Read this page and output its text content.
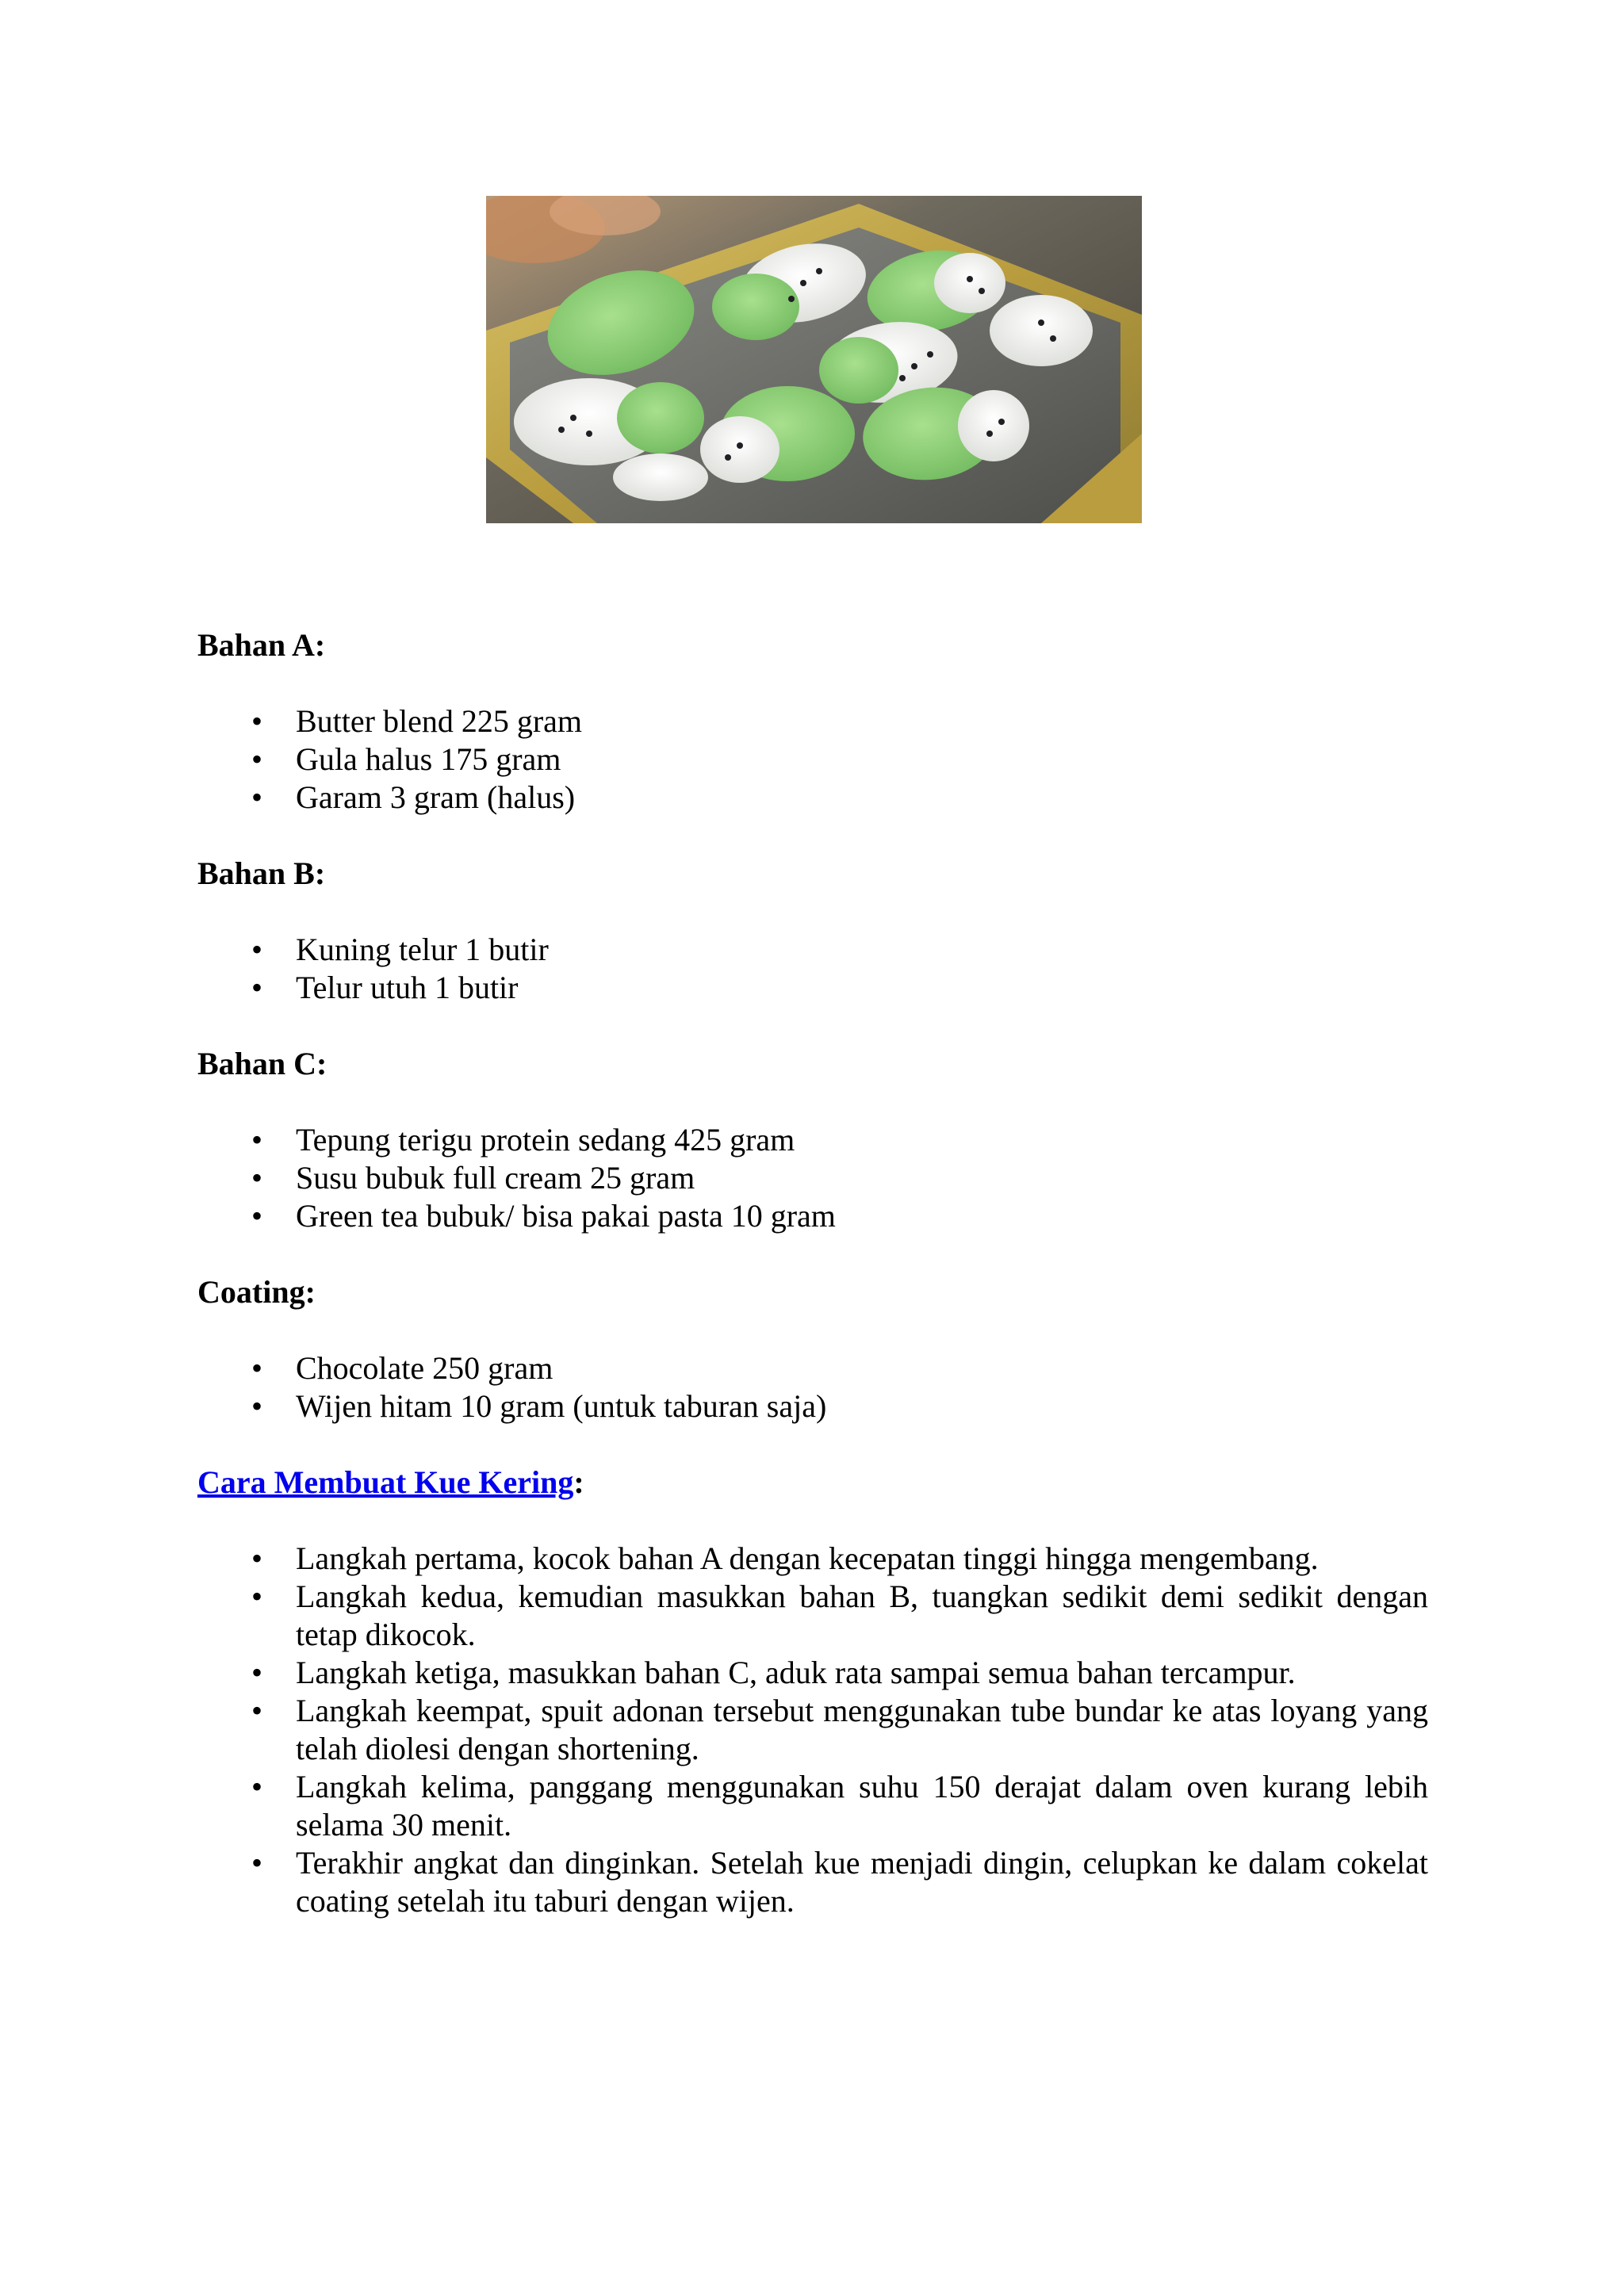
Bahan A:

• Butter blend 225 gram
• Gula halus 175 gram
• Garam 3 gram (halus)

Bahan B:

• Kuning telur 1 butir
• Telur utuh 1 butir

Bahan C:

• Tepung terigu protein sedang 425 gram
• Susu bubuk full cream 25 gram
• Green tea bubuk/ bisa pakai pasta 10 gram

Coating:

• Chocolate 250 gram
• Wijen hitam 10 gram (untuk taburan saja)

Cara Membuat Kue Kering:

• Langkah pertama, kocok bahan A dengan kecepatan tinggi hingga mengembang.
• Langkah kedua, kemudian masukkan bahan B, tuangkan sedikit demi sedikit dengan tetap dikocok.
• Langkah ketiga, masukkan bahan C, aduk rata sampai semua bahan tercampur.
• Langkah keempat, spuit adonan tersebut menggunakan tube bundar ke atas loyang yang telah diolesi dengan shortening.
• Langkah kelima, panggang menggunakan suhu 150 derajat dalam oven kurang lebih selama 30 menit.
• Terakhir angkat dan dinginkan. Setelah kue menjadi dingin, celupkan ke dalam cokelat coating setelah itu taburi dengan wijen.
